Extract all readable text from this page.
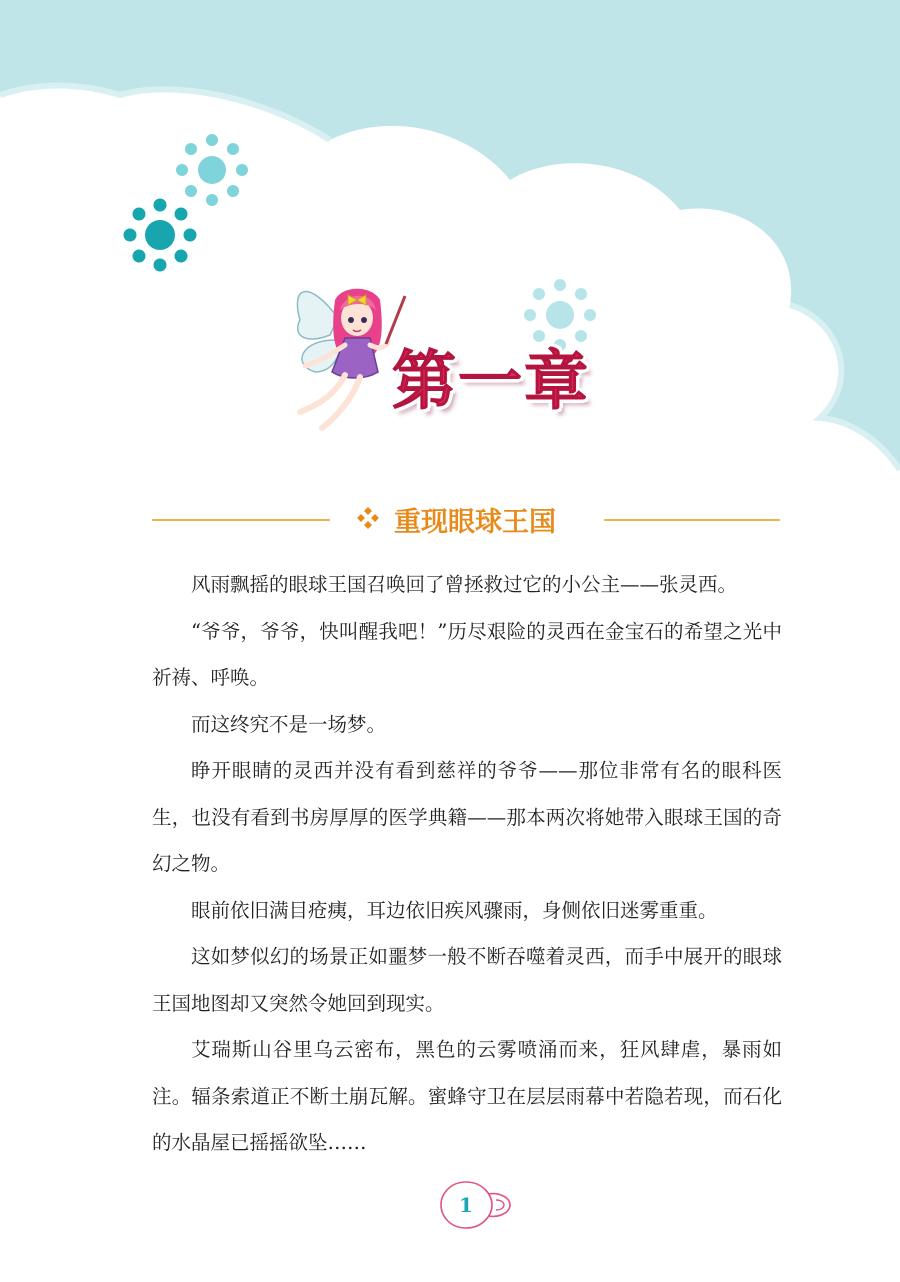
第一章
重现眼球王国

风雨飘摇的眼球王国召唤回了曾拯救过它的小公主——张灵西。

“爷爷，爷爷，快叫醒我吧！”历尽艰险的灵西在金宝石的希望之光中祈祷、呼唤。

而这终究不是一场梦。

睁开眼睛的灵西并没有看到慈祥的爷爷——那位非常有名的眼科医生，也没有看到书房厚厚的医学典籍——那本两次将她带入眼球王国的奇幻之物。

眼前依旧满目疮痍，耳边依旧疾风骤雨，身侧依旧迷雾重重。

这如梦似幻的场景正如噩梦一般不断吞噬着灵西，而手中展开的眼球王国地图却又突然令她回到现实。

艾瑞斯山谷里乌云密布，黑色的云雾喷涌而来，狂风肆虐，暴雨如注。辐条索道正不断土崩瓦解。蜜蜂守卫在层层雨幕中若隐若现，而石化的水晶屋已摇摇欲坠……

1
